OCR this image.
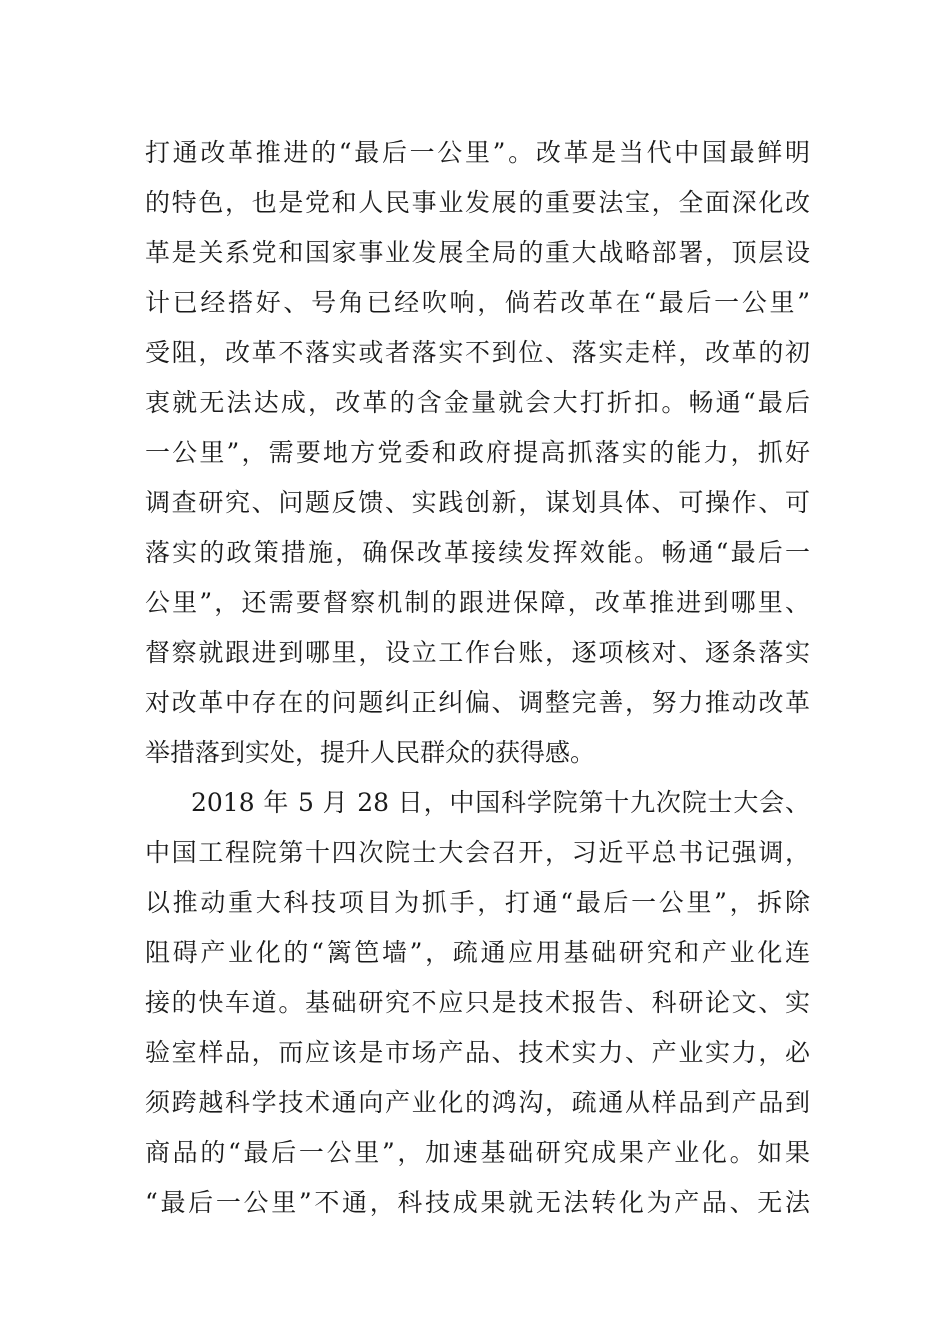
打通改革推进的“最后一公里”。改革是当代中国最鲜明
的特色，也是党和人民事业发展的重要法宝，全面深化改
革是关系党和国家事业发展全局的重大战略部署，顶层设
计已经搭好、号角已经吹响，倘若改革在“最后一公里”
受阻，改革不落实或者落实不到位、落实走样，改革的初
衷就无法达成，改革的含金量就会大打折扣。畅通“最后
一公里”，需要地方党委和政府提高抓落实的能力，抓好
调查研究、问题反馈、实践创新，谋划具体、可操作、可
落实的政策措施，确保改革接续发挥效能。畅通“最后一
公里”，还需要督察机制的跟进保障，改革推进到哪里、
督察就跟进到哪里，设立工作台账，逐项核对、逐条落实
对改革中存在的问题纠正纠偏、调整完善，努力推动改革
举措落到实处，提升人民群众的获得感。
2018 年 5 月 28 日，中国科学院第十九次院士大会、
中国工程院第十四次院士大会召开，习近平总书记强调，
以推动重大科技项目为抓手，打通“最后一公里”，拆除
阻碍产业化的“篱笆墙”，疏通应用基础研究和产业化连
接的快车道。基础研究不应只是技术报告、科研论文、实
验室样品，而应该是市场产品、技术实力、产业实力，必
须跨越科学技术通向产业化的鸿沟，疏通从样品到产品到
商品的“最后一公里”，加速基础研究成果产业化。如果
“最后一公里”不通，科技成果就无法转化为产品、无法
